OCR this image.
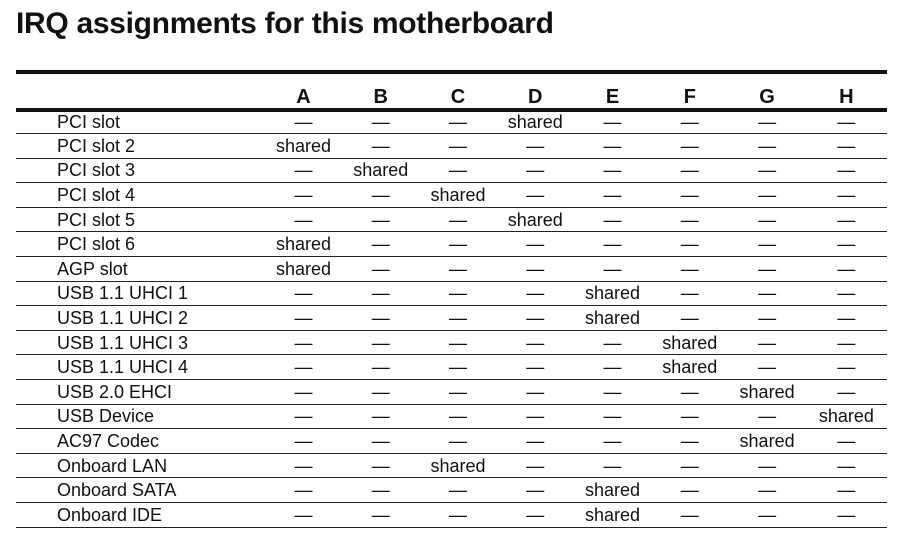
IRQ assignments for this motherboard
	A	B	C	D	E	F	G	H
PCI slot	—	—	—	shared	—	—	—	—
PCI slot 2	shared	—	—	—	—	—	—	—
PCI slot 3	—	shared	—	—	—	—	—	—
PCI slot 4	—	—	shared	—	—	—	—	—
PCI slot 5	—	—	—	shared	—	—	—	—
PCI slot 6	shared	—	—	—	—	—	—	—
AGP slot	shared	—	—	—	—	—	—	—
USB 1.1 UHCI 1	—	—	—	—	shared	—	—	—
USB 1.1 UHCI 2	—	—	—	—	shared	—	—	—
USB 1.1 UHCI 3	—	—	—	—	—	shared	—	—
USB 1.1 UHCI 4	—	—	—	—	—	shared	—	—
USB 2.0 EHCI	—	—	—	—	—	—	shared	—
USB Device	—	—	—	—	—	—	—	shared
AC97 Codec	—	—	—	—	—	—	shared	—
Onboard LAN	—	—	shared	—	—	—	—	—
Onboard SATA	—	—	—	—	shared	—	—	—
Onboard IDE	—	—	—	—	shared	—	—	—
